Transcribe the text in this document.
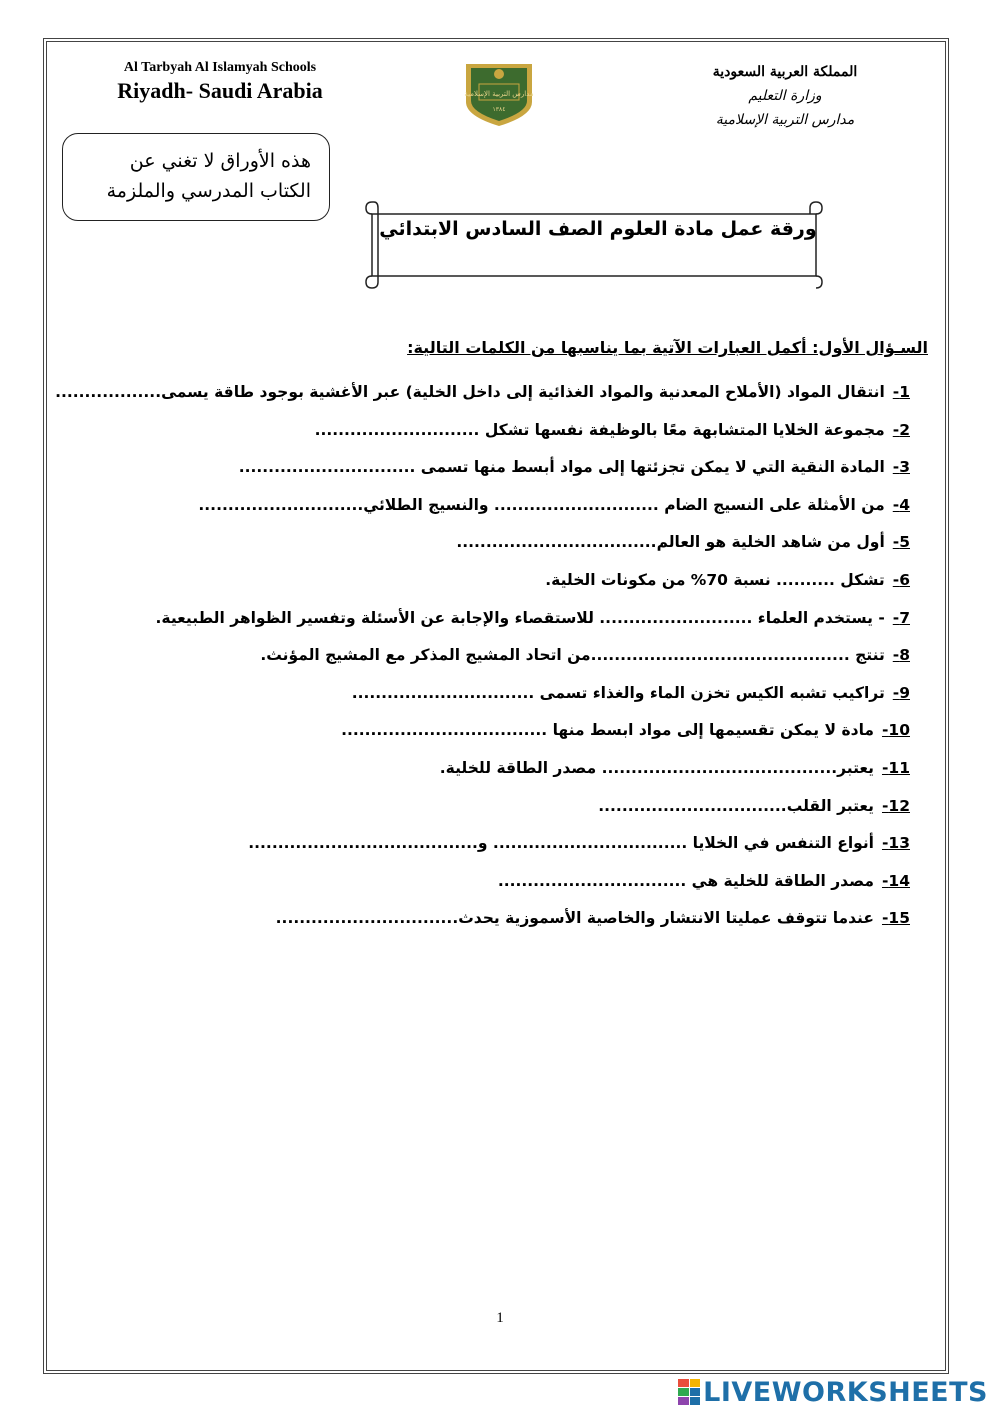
Al Tarbyah Al Islamyah Schools
Riyadh- Saudi Arabia	مدارس التربية الإسلامية
١٣٨٤
المملكة العربية السعودية
وزارة التعليم
مدارس التربية الإسلامية
هذه الأوراق لا تغني عن
الكتاب المدرسي والملزمة
ورقة عمل مادة العلوم الصف السادس الابتدائي
السـؤال الأول: أكمل العبارات الآتية بما يناسبها من الكلمات التالية:
1-انتقال المواد (الأملاح المعدنية والمواد الغذائية إلى داخل الخلية) عبر الأغشية بوجود طاقة يسمى..................
2-مجموعة الخلايا المتشابهة معًا بالوظيفة نفسها تشكل ............................
3-المادة النقية التي لا يمكن تجزئتها إلى مواد أبسط منها تسمى ..............................
4-من الأمثلة على النسيج الضام ............................ والنسيج الطلائي............................
5-أول من شاهد الخلية هو العالم..................................
6-تشكل .......... نسبة 70% من مكونات الخلية.
7-- يستخدم العلماء .......................... للاستقصاء والإجابة عن الأسئلة وتفسير الظواهر الطبيعية.
8-تنتج ............................................من اتحاد المشيج المذكر مع المشيج المؤنث.
9-تراكيب تشبه الكيس تخزن الماء والغذاء تسمى ...............................
10-مادة لا يمكن تقسيمها إلى مواد ابسط منها ...................................
11-يعتبر........................................ مصدر الطاقة للخلية.
12-يعتبر القلب................................
13-أنواع التنفس في الخلايا ................................. و.......................................
14-مصدر الطاقة للخلية هي ................................
15-عندما تتوقف عمليتا الانتشار والخاصية الأسموزية يحدث...............................
1
LIVEWORKSHEETS
